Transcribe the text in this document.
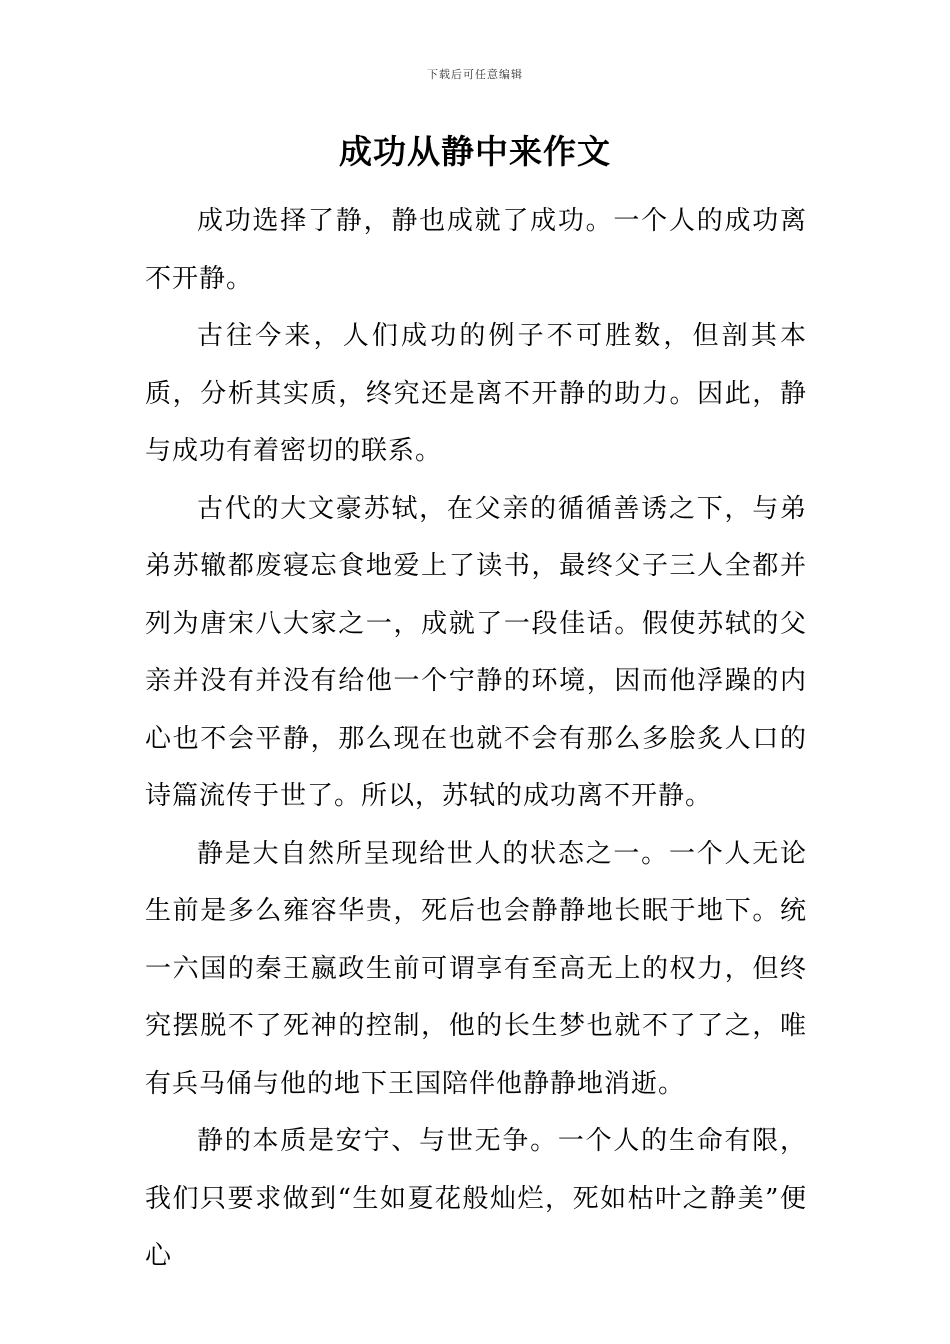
下载后可任意编辑
成功从静中来作文

成功选择了静，静也成就了成功。一个人的成功离不开静。

古往今来，人们成功的例子不可胜数，但剖其本质，分析其实质，终究还是离不开静的助力。因此，静与成功有着密切的联系。

古代的大文豪苏轼，在父亲的循循善诱之下，与弟弟苏辙都废寝忘食地爱上了读书，最终父子三人全都并列为唐宋八大家之一，成就了一段佳话。假使苏轼的父亲并没有并没有给他一个宁静的环境，因而他浮躁的内心也不会平静，那么现在也就不会有那么多脍炙人口的诗篇流传于世了。所以，苏轼的成功离不开静。

静是大自然所呈现给世人的状态之一。一个人无论生前是多么雍容华贵，死后也会静静地长眠于地下。统一六国的秦王嬴政生前可谓享有至高无上的权力，但终究摆脱不了死神的控制，他的长生梦也就不了了之，唯有兵马俑与他的地下王国陪伴他静静地消逝。

静的本质是安宁、与世无争。一个人的生命有限，我们只要求做到“生如夏花般灿烂，死如枯叶之静美”便心
